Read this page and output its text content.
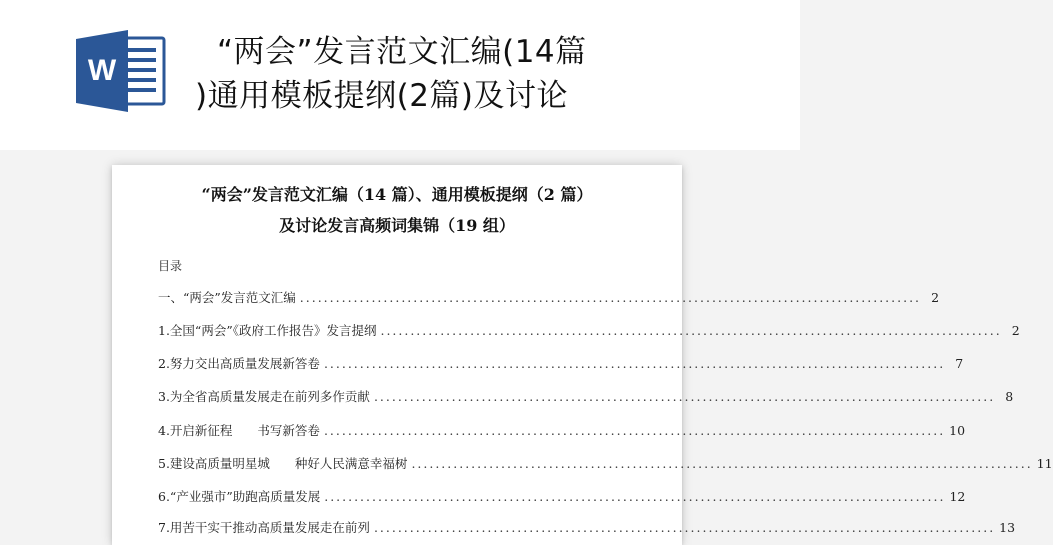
W
“两会”发言范文汇编(14篇
)通用模板提纲(2篇)及讨论
“两会”发言范文汇编（14 篇）、通用模板提纲（2 篇）
及讨论发言高频词集锦（19 组）
目录
一、“两会”发言范文汇编 ........................................................................................................ 2
1.全国“两会”《政府工作报告》发言提纲 ........................................................................................................ 2
2.努力交出高质量发展新答卷 ........................................................................................................ 7
3.为全省高质量发展走在前列多作贡献 ........................................................................................................ 8
4.开启新征程　　书写新答卷 ........................................................................................................ 10
5.建设高质量明星城　　种好人民满意幸福树 ........................................................................................................ 11
6.“产业强市”助跑高质量发展 ........................................................................................................ 12
7.用苦干实干推动高质量发展走在前列 ........................................................................................................ 13
